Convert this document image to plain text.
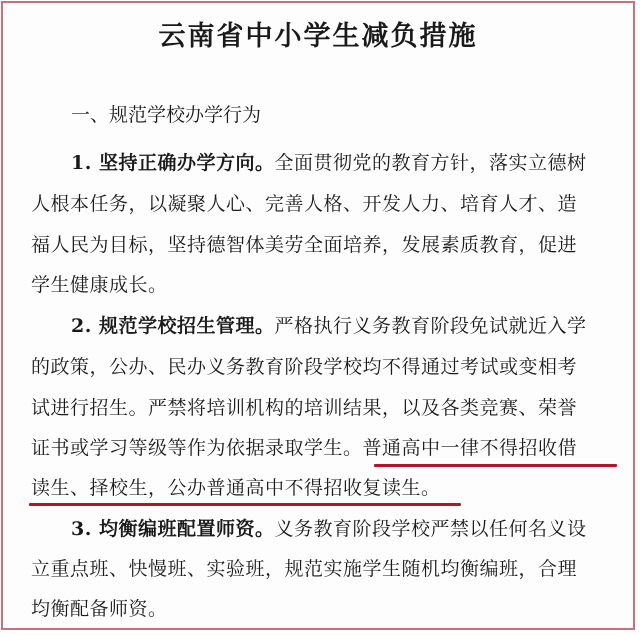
云南省中小学生减负措施
一、规范学校办学行为
1. 坚持正确办学方向。全面贯彻党的教育方针，落实立德树
人根本任务，以凝聚人心、完善人格、开发人力、培育人才、造
福人民为目标，坚持德智体美劳全面培养，发展素质教育，促进
学生健康成长。
2. 规范学校招生管理。严格执行义务教育阶段免试就近入学
的政策，公办、民办义务教育阶段学校均不得通过考试或变相考
试进行招生。严禁将培训机构的培训结果，以及各类竞赛、荣誉
证书或学习等级等作为依据录取学生。普通高中一律不得招收借
读生、择校生，公办普通高中不得招收复读生。
3. 均衡编班配置师资。义务教育阶段学校严禁以任何名义设
立重点班、快慢班、实验班，规范实施学生随机均衡编班，合理
均衡配备师资。
